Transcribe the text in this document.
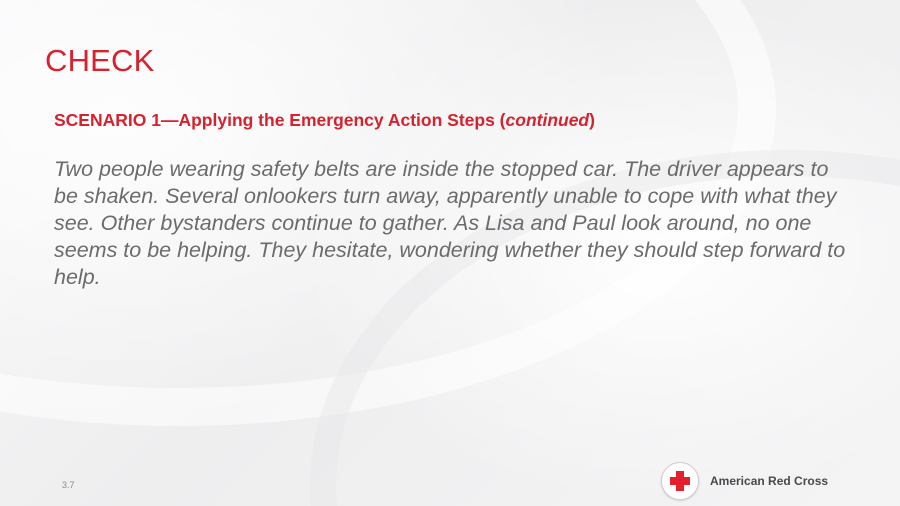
CHECK
SCENARIO 1—Applying the Emergency Action Steps (continued)

Two people wearing safety belts are inside the stopped car. The driver appears to be shaken. Several onlookers turn away, apparently unable to cope with what they see. Other bystanders continue to gather. As Lisa and Paul look around, no one seems to be helping. They hesitate, wondering whether they should step forward to help.

3.7	American Red Cross
